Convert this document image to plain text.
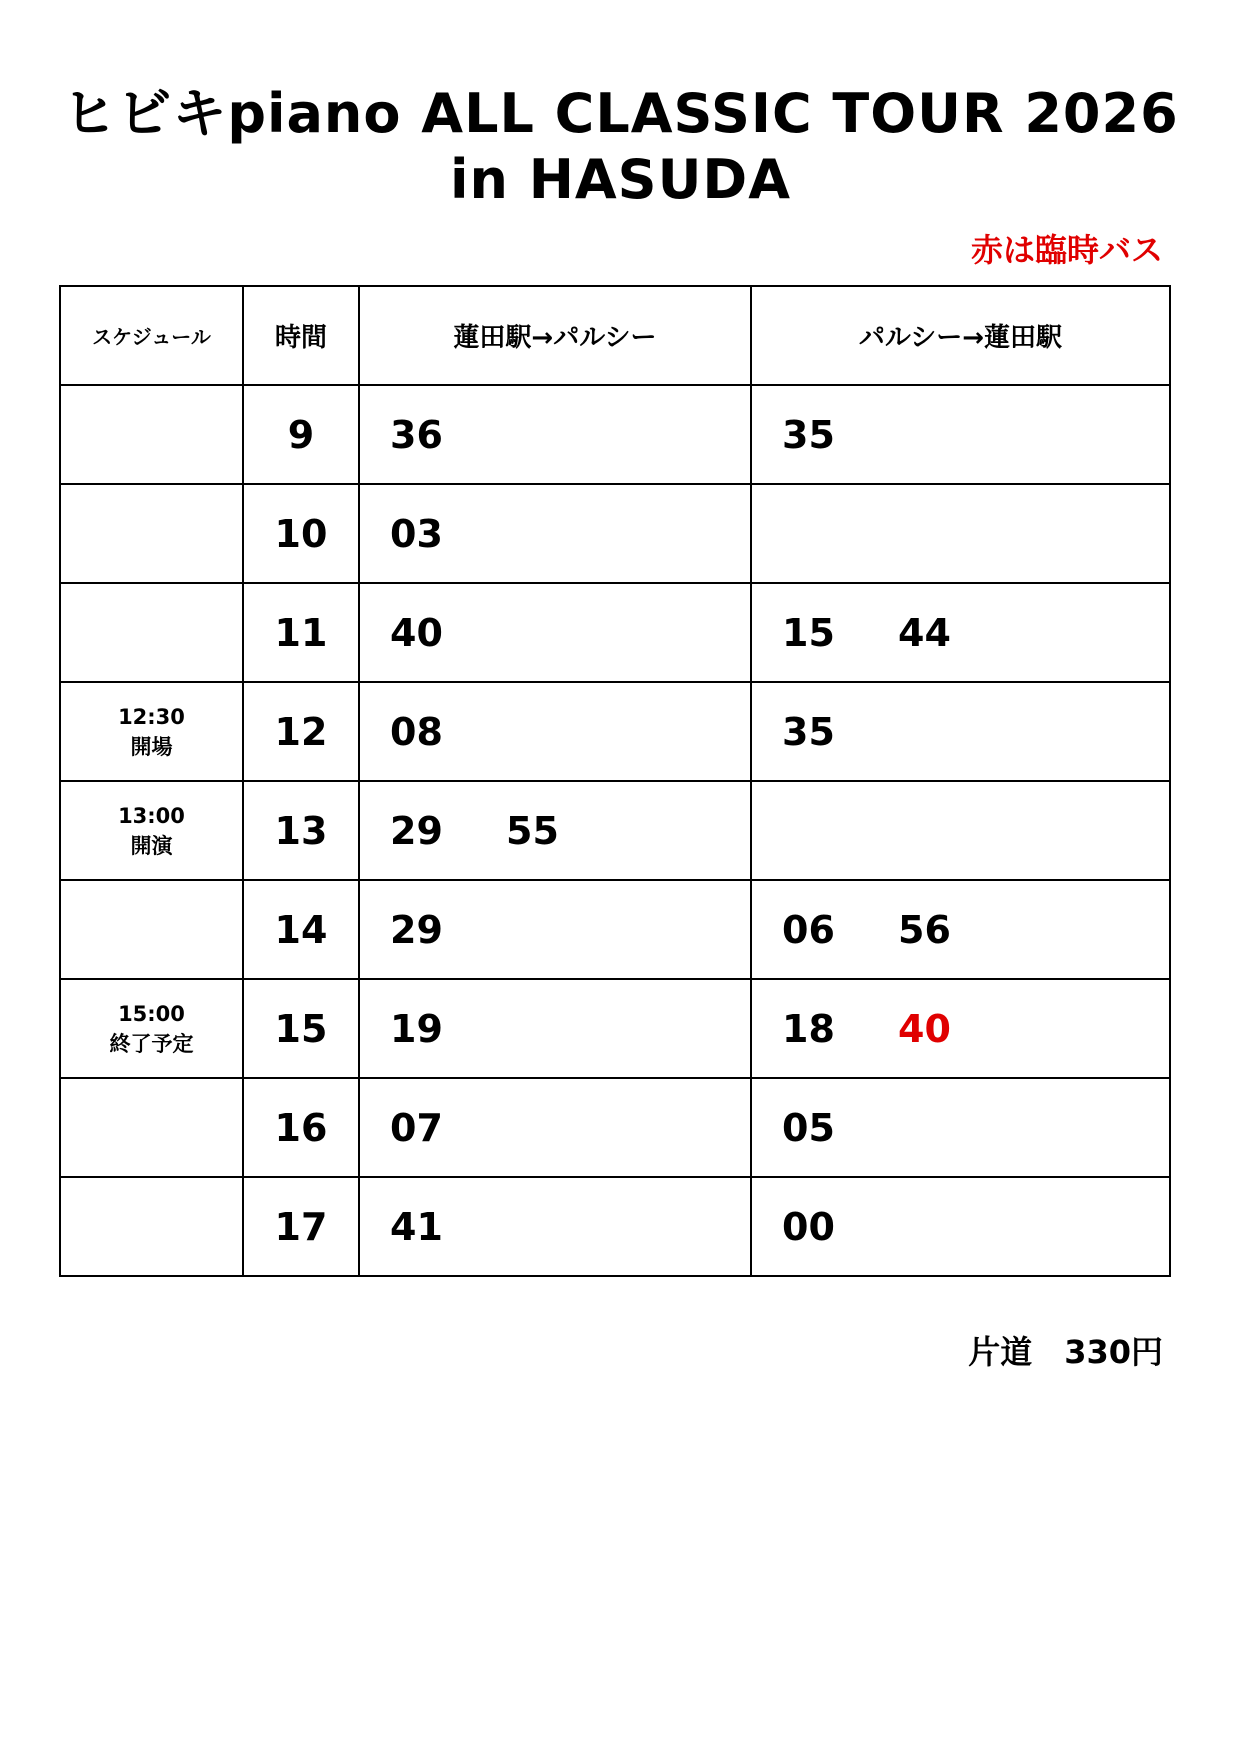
ヒビキpiano ALL CLASSIC TOUR 2026
in HASUDA
赤は臨時バス
スケジュール	時間	蓮田駅→パルシー	パルシー→蓮田駅

	9	36	35

	10	03	

	11	40	15 44

12:30
開場	12	08	35

13:00
開演	13	29 55	

	14	29	06 56

15:00
終了予定	15	19	18 40

	16	07	05

	17	41	00
片道　330円
